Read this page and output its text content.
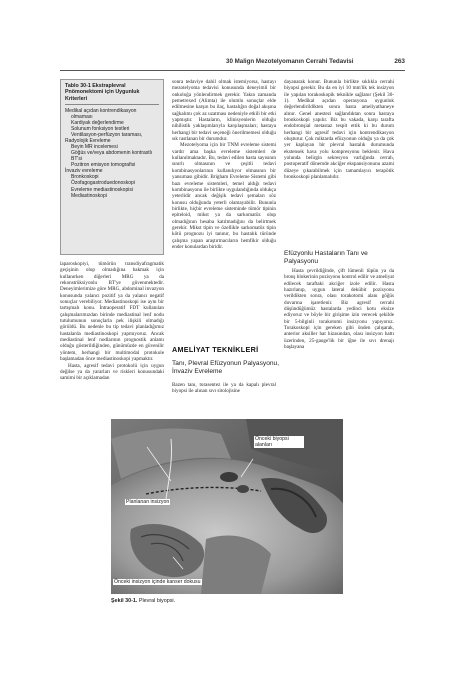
30 Malign Mezotelyomanın Cerrahi Tedavisi	263
Tablo 30-1 Ekstraplevral
Pnömonektomi için Uygunluk Kriterleri
Medikal açıdan kontrendikasyon
olmaması
Kardiyak değerlendirme
Solunum fonksiyon testleri
Ventilasyon-perfüzyon taraması,
Radyolojik Evreleme
Beyin MR incelemesi
Göğüs ve/veya abdomenin kontrastlı
BT'si
Pozitron emisyon tomografisi
İnvaziv evreleme
Bronkoskopi
Özofagogastroduedonoskopi
Evreleme mediastinoskopisi
Mediastinoskopi

laparoskopiyi, tümörün transdiyafragmatik geçişinin olup olmadığına bakmak için kullanırken diğerleri MRG ya da rekonstrüksiyonlu BT'ye güvenmektedir. Deneyimlerimize göre MRG, abdominal invazyon konusunda yalancı pozitif ya da yalancı negatif sonuçlar verebiliyor. Mediastinoskopi ise aynı bir tartışmalı konu. İntraoperatif FDT kullanılan çalışmalarımızdan birinde mediastinal lenf nodu tutulumunun sonuçlarla pek ilişkili olmadığı görüldü. Bu nedenle bu tip tedavi planladığımız hastalarda mediastinoskopi yapmıyoruz. Ancak mediastinal lenf nodlarının prognostik anlamı olduğu gösterildiğinden, günümüzde en güvenilir yöntem, herhangi bir multimodal protokole başlamadan önce mediastinoskopi yapmaktır.

Hasta, agresif tedavi protokolü için uygun değilse ya da yararları ve riskleri konusundaki samimi bir açıklamadan

sonra tedaviye dahil olmak istemiyorsa, hastayı mezotelyoma tedavisi konusunda deneyimli bir onkoloğa yönlendirmek gerekir. Yakın zamanda pemetrexed (Alimta) ile olumlu sonuçlar elde edilmesine karşın bu ilaç, hastalığın doğal akışına sağkalımı çok az uzatması nedeniyle etkili bir etki yapmıştır. Hastaların, klinisyenlerin olduğu nihilistik yaklaşımlarıyla karşılaşmaları; hastaya herhangi bir tedavi seçeneği önerilmemesi olduğu sık rastlanan bir durumdur.

Mezotelyoma için bir TNM evreleme sistemi vardır ama başka evreleme sistemleri de kullanılmaktadır. Bu, tedavi edilen hasta sayısının sınırlı olmasının ve çeşitli tedavi kombinasyonlarının kullanılıyor olmasının bir yansıması gibidir. Brigham Evreleme Sistemi gibi bazı evreleme sistemleri, temel aldığı tedavi kombinasyonu ile birlikte uygulandığında oldukça yeterlidir ancak değişik tedavi şemaları söz konusu olduğunda yeterli olamayabilir. Bununla birlikte, hiçbir evreleme sisteminde tümör tipinin epiteloid, mikst ya da sarkomatöz olup olmadığının hesaba katılmadığını da belirtmek gerekir. Mikst tipin ve özellikle sarkomatöz tipin kötü prognozu iyi tanınır, bu hastalık türünde çalışma yapan araştırmacıların hemfikir olduğu ender konulardan biridir.

AMELİYAT TEKNİKLERİ
Tanı, Plevral Efüzyonun Palyasyonu, İnvaziv Evreleme

Bazen tanı, torasentez ile ya da kapalı plevral biyopsi ile alınan sıvı sitolojisine

dayanarak konur. Bununla birlikte sıklıkla cerrahi biyopsi gerekir. Bu da en iyi 10 mm'lik tek insizyon ile yapılan torakoskopik teknikle sağlanır (Şekil 30-1). Medikal açıdan operasyona uygunluk değerlendirildikten sonra hasta ameliyathaneye alınır. Genel anestezi sağlandıktan sonra hastaya bronkoskopi yapılır. Biz bu vakada, karşı tarafta endobronşial metastaz tespit ettik ki bu durum herhangi bir agresif tedavi için kontrendikasyon oluşturur. Çok miktarda efüzyonun olduğu ya da çok yer kaplayan bir plevral hastalık durumunda ekstensek hava yolu kompresyonu beklenir. Hava yolunda belirgin sekresyon varlığında cerrah, postoperatif dönemde akciğer ekspansiyonunu azami düzeye çıkarabilmek için tamamlayıcı terapötik bronkoskopi planlamalıdır.

Efüzyonlu Hastaların Tanı ve Palyasyonu

Hasta çevrildiğinde, çift lümenli tüpün ya da bronş blokerinin pozisyonu kontrol edilir ve ameliyat edilecek taraftaki akciğer izole edilir. Hasta hazırlanıp, uygun lateral dekübit pozisyonu verildikten sonra, olası torakotomi alanı göğüs duvarına işaretlenir. Biz agresif cerrahi düşündüğümüz hastalarda yedinci kotu eksize ediyoruz ve böyle bir girişime izin verecek şekilde bir 5-bilginli torakotomi insizyonu yapıyoruz. Torakoskopi için gereken gibi önden çalışarak, anterior aksiller hat hizasından, olası insizyon hattı üzerinden, 25-gauge'lik bir iğne ile sıvı drenajı başlayana

Planlanan insizyon
Önceki biyopsi alanları
Önceki insizyon içinde kanser dokusu
Şekil 30-1. Plevral biyopsi.
